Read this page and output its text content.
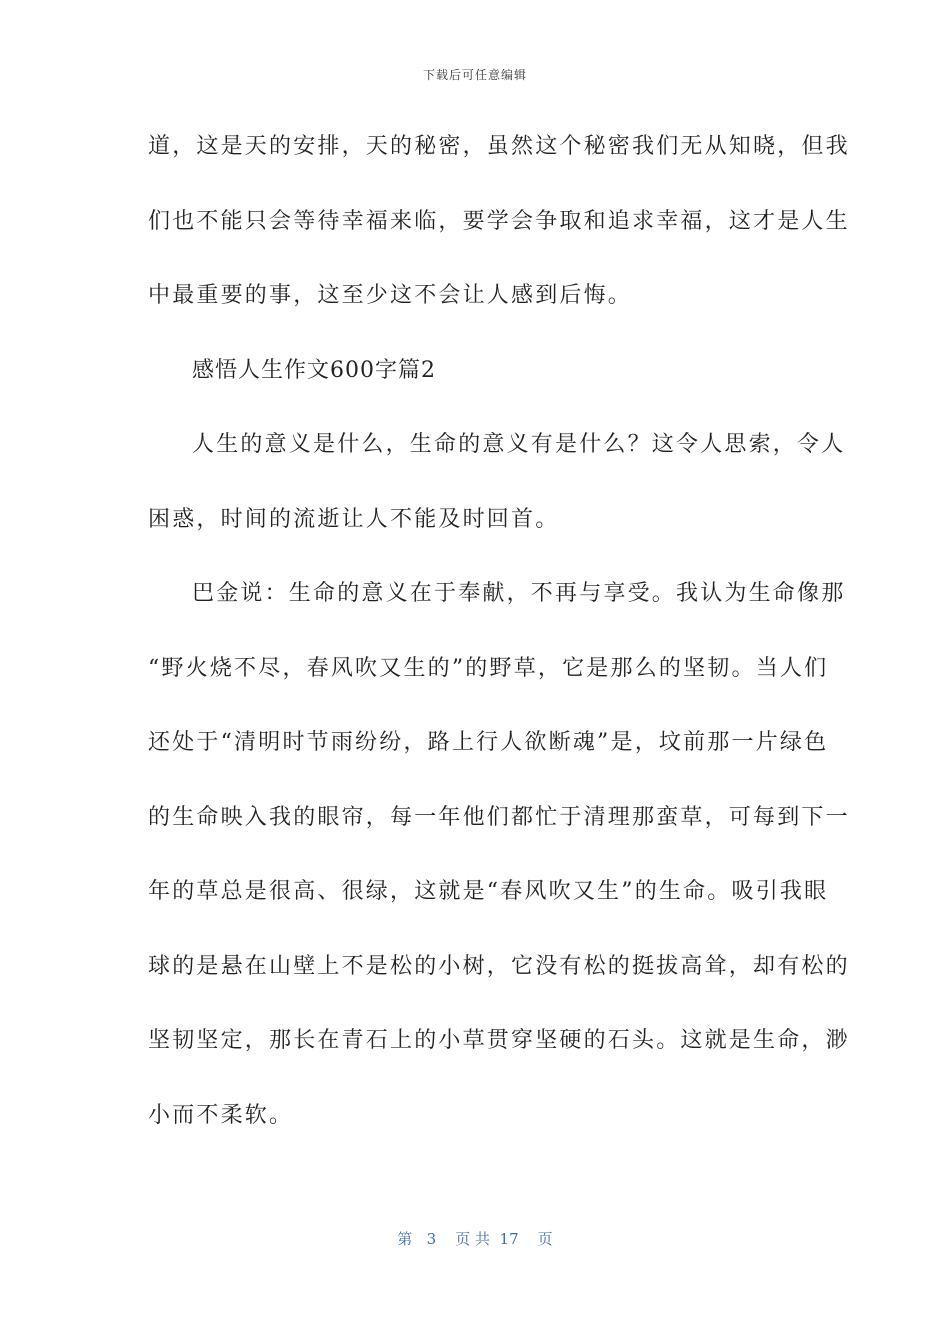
下载后可任意编辑
道，这是天的安排，天的秘密，虽然这个秘密我们无从知晓，但我
们也不能只会等待幸福来临，要学会争取和追求幸福，这才是人生
中最重要的事，这至少这不会让人感到后悔。
感悟人生作文600字篇2
人生的意义是什么，生命的意义有是什么？这令人思索，令人
困惑，时间的流逝让人不能及时回首。
巴金说：生命的意义在于奉献，不再与享受。我认为生命像那
“野火烧不尽，春风吹又生的”的野草，它是那么的坚韧。当人们
还处于“清明时节雨纷纷，路上行人欲断魂”是，坟前那一片绿色
的生命映入我的眼帘，每一年他们都忙于清理那蛮草，可每到下一
年的草总是很高、很绿，这就是“春风吹又生”的生命。吸引我眼
球的是悬在山壁上不是松的小树，它没有松的挺拔高耸，却有松的
坚韧坚定，那长在青石上的小草贯穿坚硬的石头。这就是生命，渺
小而不柔软。
第   3    页 共  17    页
